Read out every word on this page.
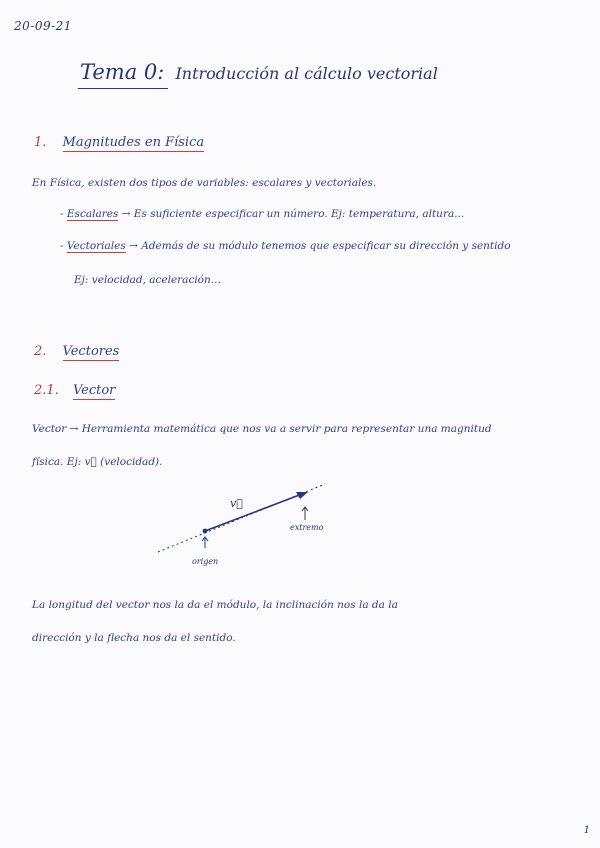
20-09-21
Tema 0: Introducción al cálculo vectorial
1. Magnitudes en Física
En Física, existen dos tipos de variables: escalares y vectoriales.
- Escalares → Es suficiente especificar un número. Ej: temperatura, altura...
- Vectoriales → Además de su módulo tenemos que especificar su dirección y sentido
Ej: velocidad, aceleración...
2. Vectores
2.1. Vector
Vector → Herramienta matemática que nos va a servir para representar una magnitud
física. Ej: v⃗ (velocidad).
v⃗
origen
extremo
La longitud del vector nos la da el módulo, la inclinación nos la da la
dirección y la flecha nos da el sentido.
1
